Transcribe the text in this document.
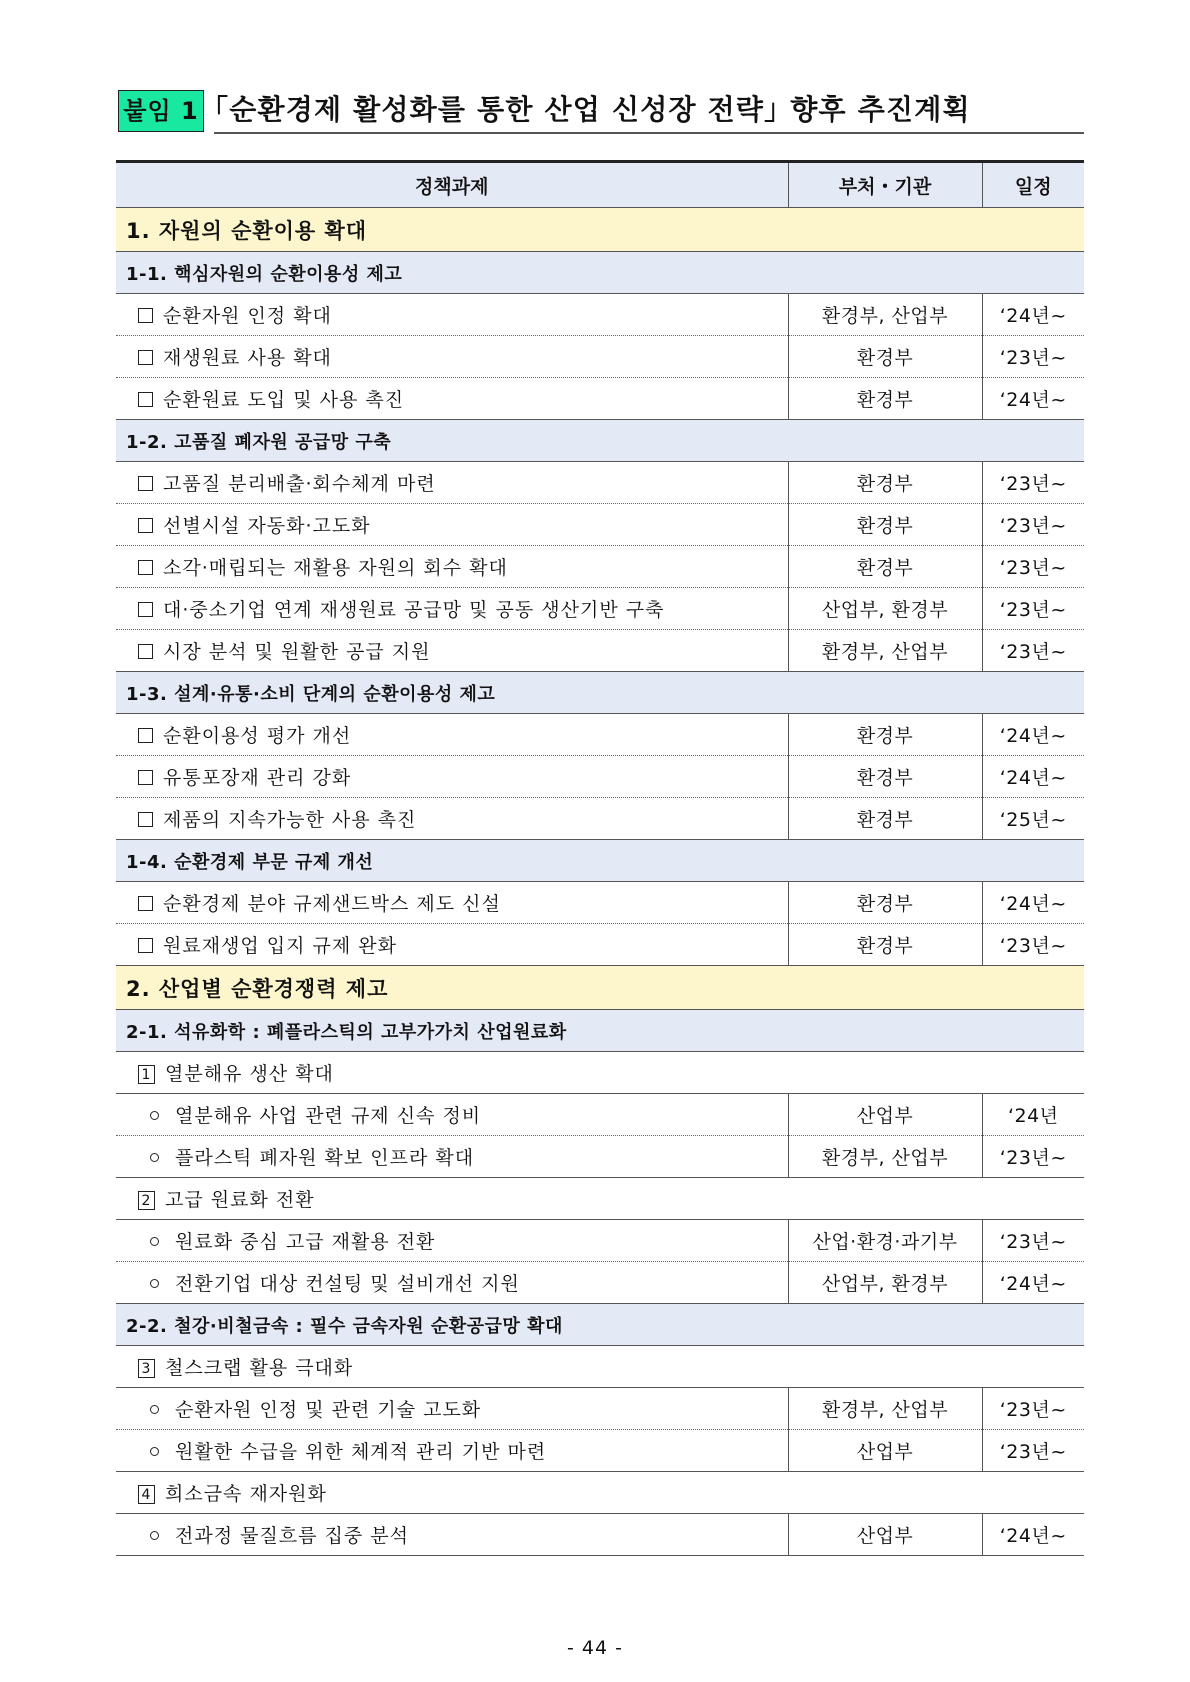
붙임 1 ｢순환경제 활성화를 통한 산업 신성장 전략｣ 향후 추진계획
정책과제	부처・기관	일정
1. 자원의 순환이용 확대		
1-1. 핵심자원의 순환이용성 제고		
순환자원 인정 확대	환경부, 산업부	‘24년~
재생원료 사용 확대	환경부	‘23년~
순환원료 도입 및 사용 촉진	환경부	‘24년~
1-2. 고품질 폐자원 공급망 구축		
고품질 분리배출·회수체계 마련	환경부	‘23년~
선별시설 자동화·고도화	환경부	‘23년~
소각·매립되는 재활용 자원의 회수 확대	환경부	‘23년~
대·중소기업 연계 재생원료 공급망 및 공동 생산기반 구축	산업부, 환경부	‘23년~
시장 분석 및 원활한 공급 지원	환경부, 산업부	‘23년~
1-3. 설계·유통·소비 단계의 순환이용성 제고		
순환이용성 평가 개선	환경부	‘24년~
유통포장재 관리 강화	환경부	‘24년~
제품의 지속가능한 사용 촉진	환경부	‘25년~
1-4. 순환경제 부문 규제 개선		
순환경제 분야 규제샌드박스 제도 신설	환경부	‘24년~
원료재생업 입지 규제 완화	환경부	‘23년~
2. 산업별 순환경쟁력 제고		
2-1. 석유화학 : 폐플라스틱의 고부가가치 산업원료화		
1 열분해유 생산 확대		
열분해유 사업 관련 규제 신속 정비	산업부	‘24년
플라스틱 폐자원 확보 인프라 확대	환경부, 산업부	‘23년~
2 고급 원료화 전환		
원료화 중심 고급 재활용 전환	산업·환경·과기부	‘23년~
전환기업 대상 컨설팅 및 설비개선 지원	산업부, 환경부	‘24년~
2-2. 철강·비철금속 : 필수 금속자원 순환공급망 확대		
3 철스크랩 활용 극대화		
순환자원 인정 및 관련 기술 고도화	환경부, 산업부	‘23년~
원활한 수급을 위한 체계적 관리 기반 마련	산업부	‘23년~
4 희소금속 재자원화		
전과정 물질흐름 집중 분석	산업부	‘24년~
- 44 -
